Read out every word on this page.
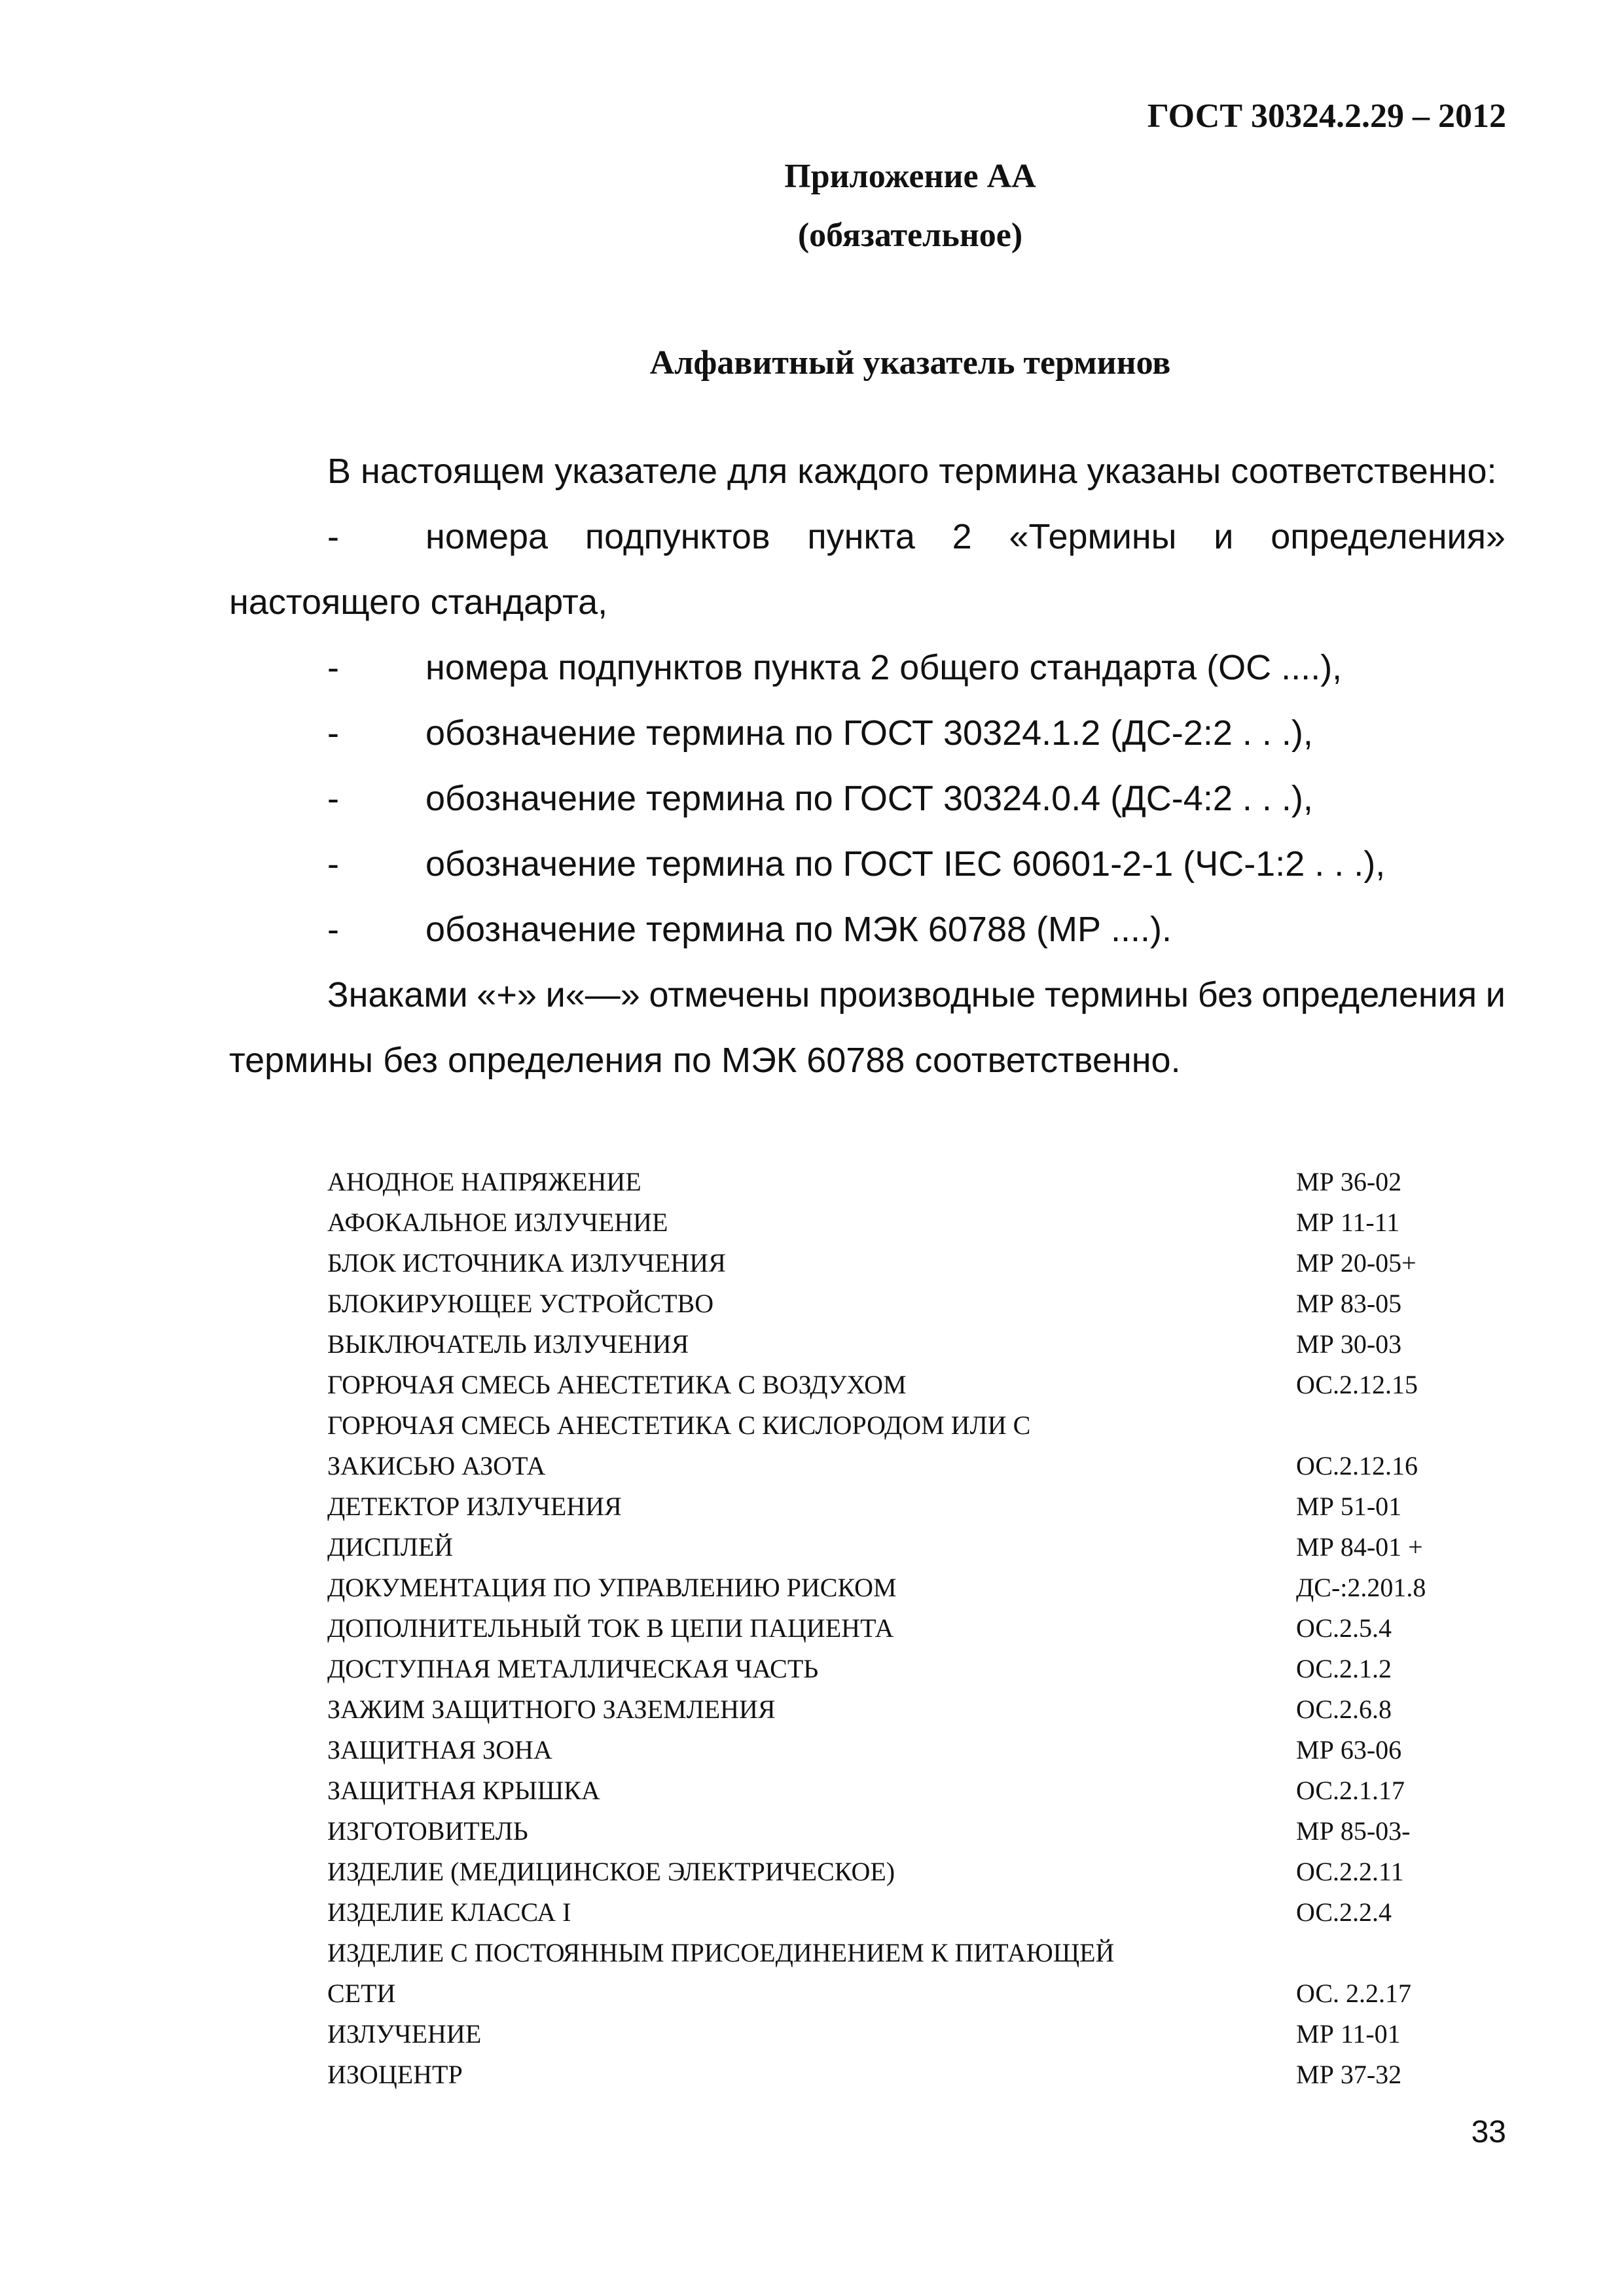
ГОСТ 30324.2.29 – 2012
Приложение АА
(обязательное)
Алфавитный указатель терминов
В настоящем указателе для каждого термина указаны соответственно:
- номера подпунктов пункта 2 «Термины и определения»
настоящего стандарта,
- номера подпунктов пункта 2 общего стандарта (ОС ....),
- обозначение термина по ГОСТ 30324.1.2 (ДС-2:2 . . .),
- обозначение термина по ГОСТ 30324.0.4 (ДС-4:2 . . .),
- обозначение термина по ГОСТ IEC 60601-2-1 (ЧС-1:2 . . .),
- обозначение термина по МЭК 60788 (МР ....).
Знаками «+» и«—» отмечены производные термины без определения и
термины без определения по МЭК 60788 соответственно.
АНОДНОЕ НАПРЯЖЕНИЕ	МР 36-02
АФОКАЛЬНОЕ ИЗЛУЧЕНИЕ	МР 11-11
БЛОК ИСТОЧНИКА ИЗЛУЧЕНИЯ	МР 20-05+
БЛОКИРУЮЩЕЕ УСТРОЙСТВО	МР 83-05
ВЫКЛЮЧАТЕЛЬ ИЗЛУЧЕНИЯ	МР 30-03
ГОРЮЧАЯ СМЕСЬ АНЕСТЕТИКА С ВОЗДУХОМ	ОС.2.12.15
ГОРЮЧАЯ СМЕСЬ АНЕСТЕТИКА С КИСЛОРОДОМ ИЛИ С
ЗАКИСЬЮ АЗОТА	ОС.2.12.16
ДЕТЕКТОР ИЗЛУЧЕНИЯ	МР 51-01
ДИСПЛЕЙ	МР 84-01 +
ДОКУМЕНТАЦИЯ ПО УПРАВЛЕНИЮ РИСКОМ	ДС-:2.201.8
ДОПОЛНИТЕЛЬНЫЙ ТОК В ЦЕПИ ПАЦИЕНТА	ОС.2.5.4
ДОСТУПНАЯ МЕТАЛЛИЧЕСКАЯ ЧАСТЬ	ОС.2.1.2
ЗАЖИМ ЗАЩИТНОГО ЗАЗЕМЛЕНИЯ	ОС.2.6.8
ЗАЩИТНАЯ ЗОНА	МР 63-06
ЗАЩИТНАЯ КРЫШКА	ОС.2.1.17
ИЗГОТОВИТЕЛЬ	МР 85-03-
ИЗДЕЛИЕ (МЕДИЦИНСКОЕ ЭЛЕКТРИЧЕСКОЕ)	ОС.2.2.11
ИЗДЕЛИЕ КЛАССА I	ОС.2.2.4
ИЗДЕЛИЕ С ПОСТОЯННЫМ ПРИСОЕДИНЕНИЕМ К ПИТАЮЩЕЙ
СЕТИ	ОС. 2.2.17
ИЗЛУЧЕНИЕ	МР 11-01
ИЗОЦЕНТР	МР 37-32
33
